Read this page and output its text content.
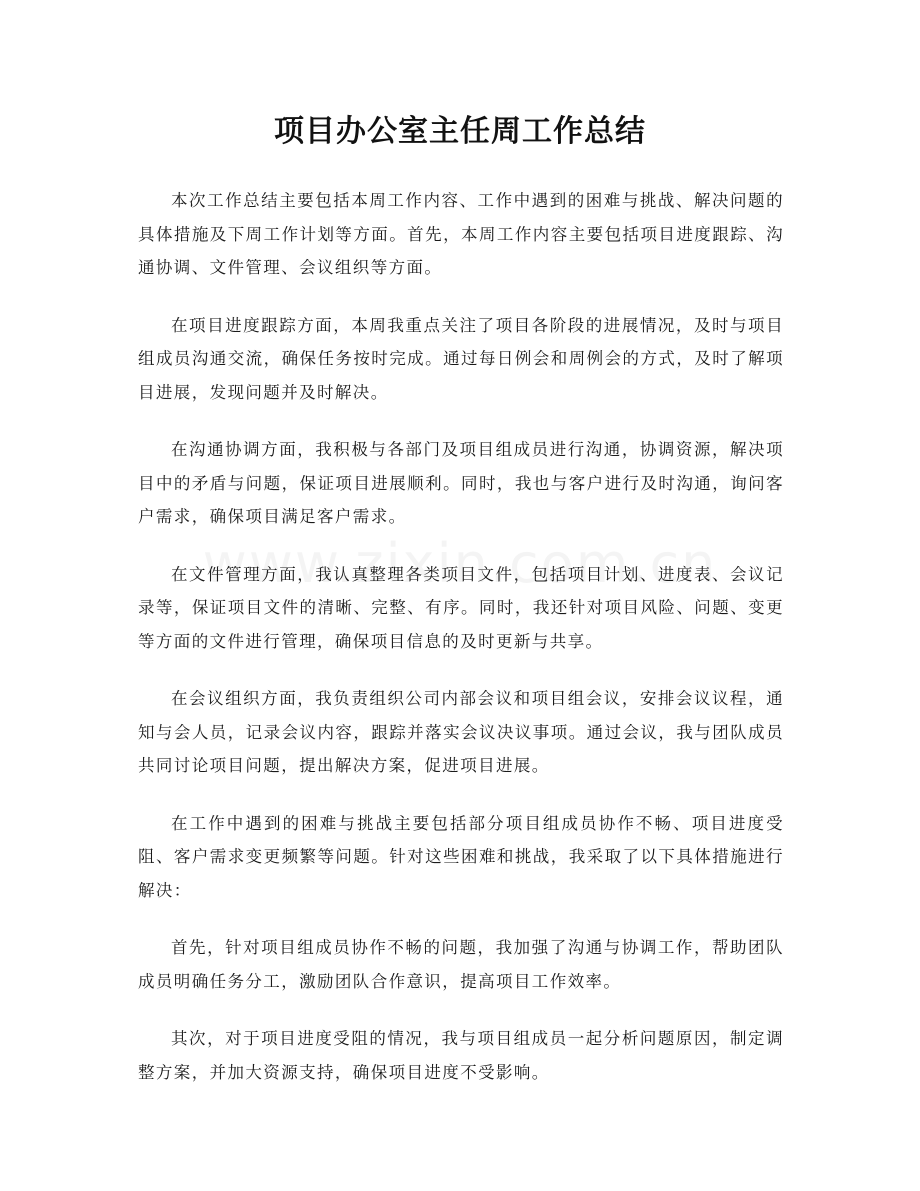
项目办公室主任周工作总结

本次工作总结主要包括本周工作内容、工作中遇到的困难与挑战、解决问题的具体措施及下周工作计划等方面。首先，本周工作内容主要包括项目进度跟踪、沟通协调、文件管理、会议组织等方面。

在项目进度跟踪方面，本周我重点关注了项目各阶段的进展情况，及时与项目组成员沟通交流，确保任务按时完成。通过每日例会和周例会的方式，及时了解项目进展，发现问题并及时解决。

在沟通协调方面，我积极与各部门及项目组成员进行沟通，协调资源，解决项目中的矛盾与问题，保证项目进展顺利。同时，我也与客户进行及时沟通，询问客户需求，确保项目满足客户需求。

在文件管理方面，我认真整理各类项目文件，包括项目计划、进度表、会议记录等，保证项目文件的清晰、完整、有序。同时，我还针对项目风险、问题、变更等方面的文件进行管理，确保项目信息的及时更新与共享。

在会议组织方面，我负责组织公司内部会议和项目组会议，安排会议议程，通知与会人员，记录会议内容，跟踪并落实会议决议事项。通过会议，我与团队成员共同讨论项目问题，提出解决方案，促进项目进展。

在工作中遇到的困难与挑战主要包括部分项目组成员协作不畅、项目进度受阻、客户需求变更频繁等问题。针对这些困难和挑战，我采取了以下具体措施进行解决：

首先，针对项目组成员协作不畅的问题，我加强了沟通与协调工作，帮助团队成员明确任务分工，激励团队合作意识，提高项目工作效率。

其次，对于项目进度受阻的情况，我与项目组成员一起分析问题原因，制定调整方案，并加大资源支持，确保项目进度不受影响。
